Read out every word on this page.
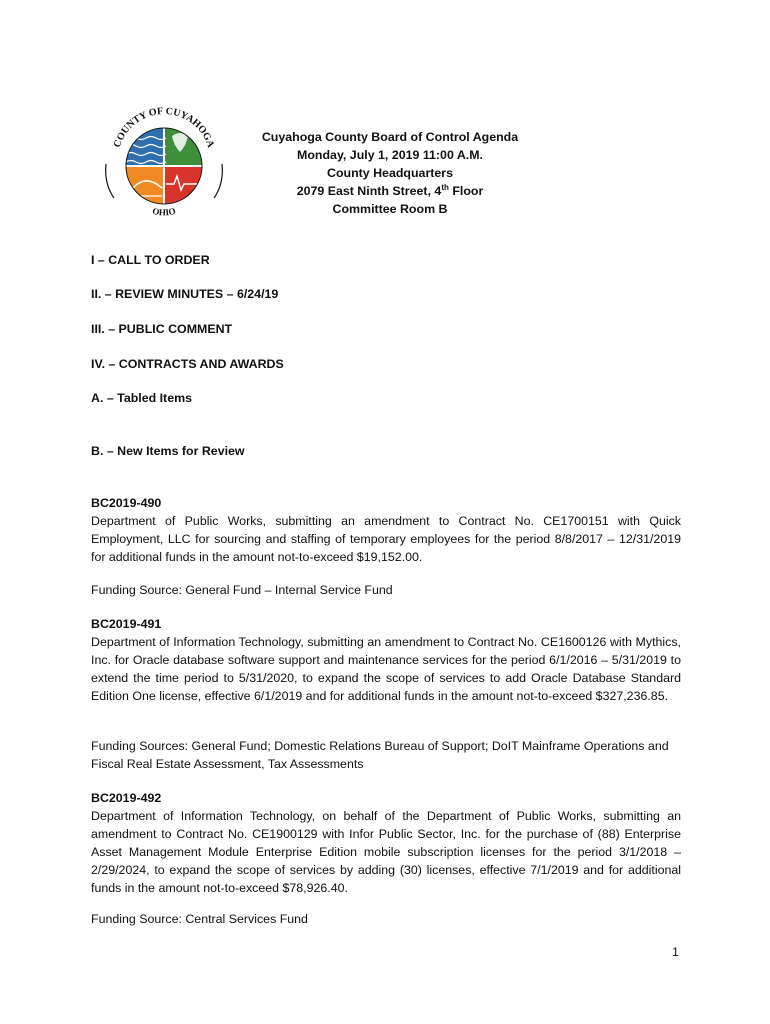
COUNTY OF CUYAHOGA
OHIO
Cuyahoga County Board of Control Agenda
Monday, July 1, 2019 11:00 A.M.
County Headquarters
2079 East Ninth Street, 4th Floor
Committee Room B
I – CALL TO ORDER
II. – REVIEW MINUTES – 6/24/19
III. – PUBLIC COMMENT
IV. – CONTRACTS AND AWARDS
A. – Tabled Items
B. – New Items for Review
BC2019-490
Department of Public Works, submitting an amendment to Contract No. CE1700151 with Quick Employment, LLC for sourcing and staffing of temporary employees for the period 8/8/2017 – 12/31/2019 for additional funds in the amount not-to-exceed $19,152.00.
Funding Source: General Fund – Internal Service Fund
BC2019-491
Department of Information Technology, submitting an amendment to Contract No. CE1600126 with Mythics, Inc. for Oracle database software support and maintenance services for the period 6/1/2016 – 5/31/2019 to extend the time period to 5/31/2020, to expand the scope of services to add Oracle Database Standard Edition One license, effective 6/1/2019 and for additional funds in the amount not-to-exceed $327,236.85.
Funding Sources: General Fund; Domestic Relations Bureau of Support; DoIT Mainframe Operations and Fiscal Real Estate Assessment, Tax Assessments
BC2019-492
Department of Information Technology, on behalf of the Department of Public Works, submitting an amendment to Contract No. CE1900129 with Infor Public Sector, Inc. for the purchase of (88) Enterprise Asset Management Module Enterprise Edition mobile subscription licenses for the period 3/1/2018 – 2/29/2024, to expand the scope of services by adding (30) licenses, effective 7/1/2019 and for additional funds in the amount not-to-exceed $78,926.40.
Funding Source: Central Services Fund
1
